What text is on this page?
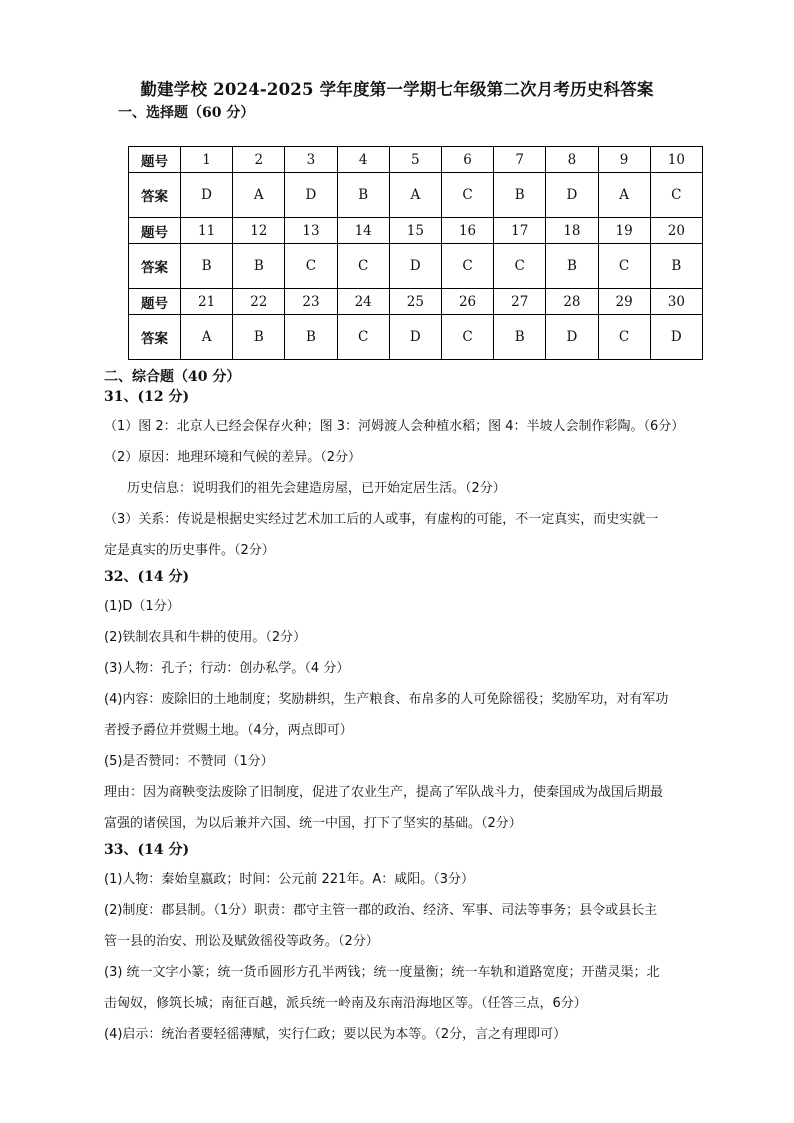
勤建学校 2024-2025 学年度第一学期七年级第二次月考历史科答案
一、选择题（60 分）
题号	1	2	3	4	5	6	7	8	9	10
答案	D	A	D	B	A	C	B	D	A	C
题号	11	12	13	14	15	16	17	18	19	20
答案	B	B	C	C	D	C	C	B	C	B
题号	21	22	23	24	25	26	27	28	29	30
答案	A	B	B	C	D	C	B	D	C	D
二、综合题（40 分）
31、(12 分)
（1）图 2：北京人已经会保存火种；图 3：河姆渡人会种植水稻；图 4：半坡人会制作彩陶。（6分）
（2）原因：地理环境和气候的差异。（2分）
历史信息：说明我们的祖先会建造房屋，已开始定居生活。（2分）
（3）关系：传说是根据史实经过艺术加工后的人或事，有虚构的可能，不一定真实，而史实就一
定是真实的历史事件。（2分）
32、(14 分)
(1)D（1分）
(2)铁制农具和牛耕的使用。（2分）
(3)人物：孔子；行动：创办私学。（4 分）
(4)内容：废除旧的土地制度；奖励耕织，生产粮食、布帛多的人可免除徭役；奖励军功，对有军功
者授予爵位并赏赐土地。（4分，两点即可）
(5)是否赞同：不赞同（1分）
理由：因为商鞅变法废除了旧制度，促进了农业生产，提高了军队战斗力，使秦国成为战国后期最
富强的诸侯国，为以后兼并六国、统一中国，打下了坚实的基础。（2分）
33、(14 分)
(1)人物：秦始皇嬴政；时间：公元前 221年。A：咸阳。（3分）
(2)制度：郡县制。（1分）职责：郡守主管一郡的政治、经济、军事、司法等事务；县令或县长主
管一县的治安、刑讼及赋敛徭役等政务。（2分）
(3) 统一文字小篆；统一货币圆形方孔半两钱；统一度量衡；统一车轨和道路宽度；开凿灵渠；北
击匈奴，修筑长城；南征百越，派兵统一岭南及东南沿海地区等。（任答三点，6分）
(4)启示：统治者要轻徭薄赋，实行仁政；要以民为本等。（2分，言之有理即可）
